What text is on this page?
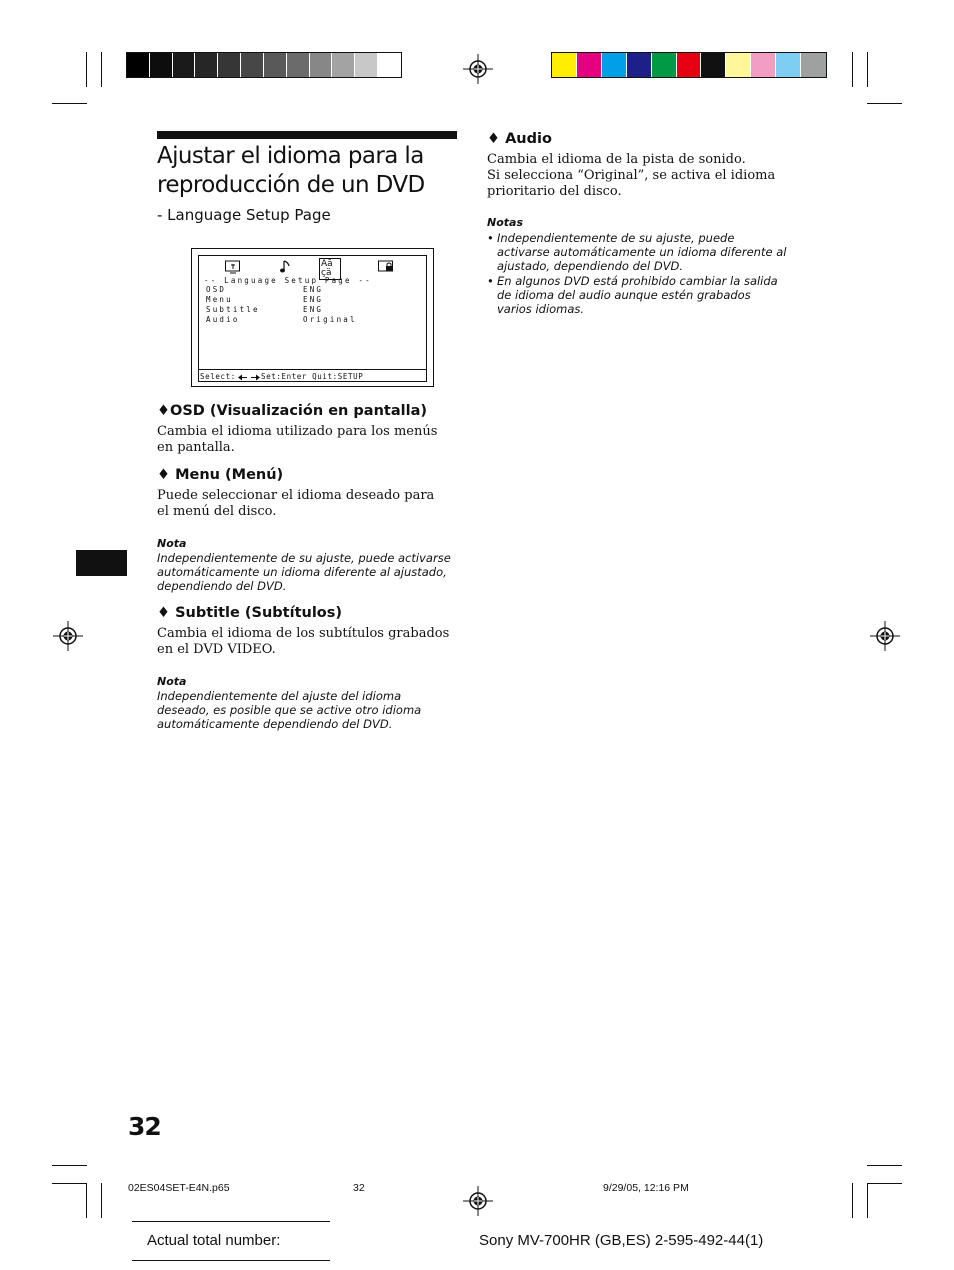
Ajustar el idioma para la reproducción de un DVD
- Language Setup Page
Aā
çä
-- Language Setup Page --
OSD	ENG
Menu	ENG
Subtitle	ENG
Audio	Original
Select:	Set:Enter Quit:SETUP
♦OSD (Visualización en pantalla)
Cambia el idioma utilizado para los menús en pantalla.
♦ Menu (Menú)
Puede seleccionar el idioma deseado para el menú del disco.
Nota
Independientemente de su ajuste, puede activarse automáticamente un idioma diferente al ajustado, dependiendo del DVD.
♦ Subtitle (Subtítulos)
Cambia el idioma de los subtítulos grabados en el DVD VIDEO.
Nota
Independientemente del ajuste del idioma deseado, es posible que se active otro idioma automáticamente dependiendo del DVD.
♦ Audio
Cambia el idioma de la pista de sonido.
Si selecciona “Original”, se activa el idioma prioritario del disco.
Notas
• Independientemente de su ajuste, puede activarse automáticamente un idioma diferente al ajustado, dependiendo del DVD.
• En algunos DVD está prohibido cambiar la salida de idioma del audio aunque estén grabados varios idiomas.
32
02ES04SET-E4N.p65	32	9/29/05, 12:16 PM
Actual total number:	Sony MV-700HR (GB,ES) 2-595-492-44(1)
